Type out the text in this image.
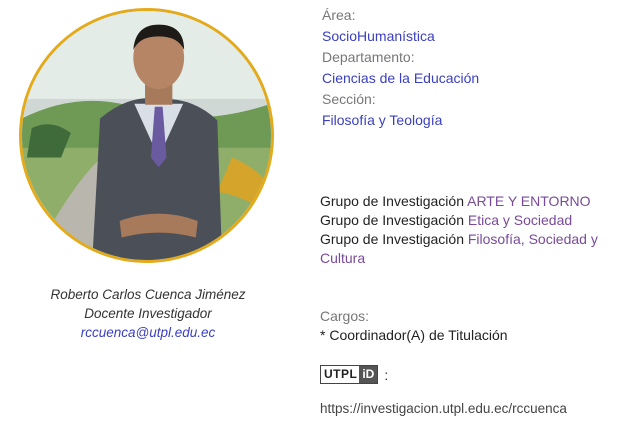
Roberto Carlos Cuenca Jiménez
Docente Investigador
rccuenca@utpl.edu.ec
Área:
SocioHumanística
Departamento:
Ciencias de la Educación
Sección:
Filosofía y Teología
Grupo de Investigación ARTE Y ENTORNO
Grupo de Investigación Etica y Sociedad
Grupo de Investigación Filosofía, Sociedad y Cultura
Cargos:
* Coordinador(A) de Titulación
UTPL iD :
https://investigacion.utpl.edu.ec/rccuenca
